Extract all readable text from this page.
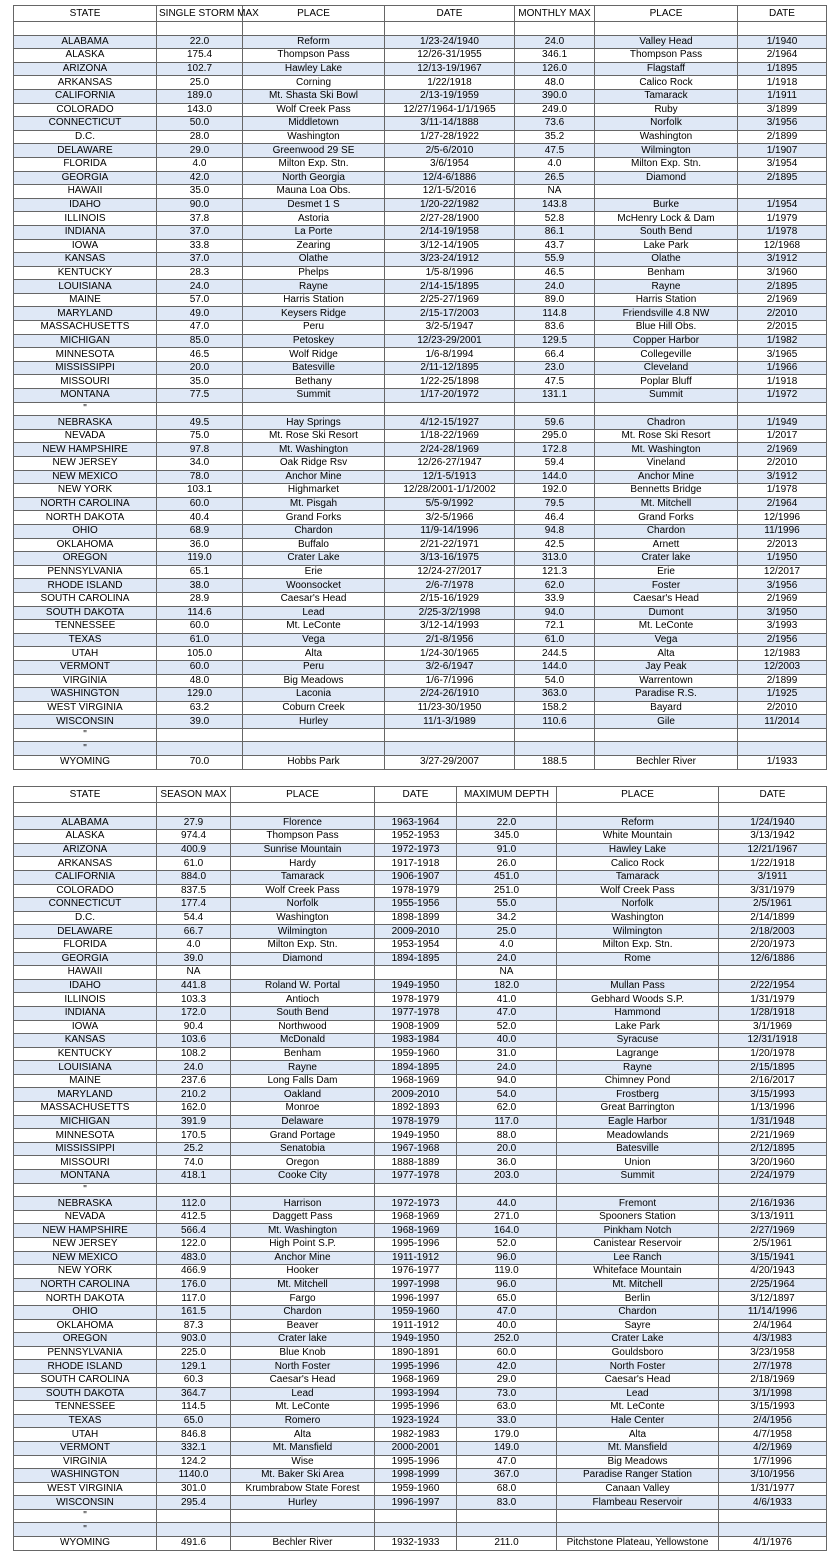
STATE	SINGLE STORM MAX	PLACE	DATE	MONTHLY MAX	PLACE	DATE

ALABAMA	22.0	Reform	1/23-24/1940	24.0	Valley Head	1/1940
ALASKA	175.4	Thompson Pass	12/26-31/1955	346.1	Thompson Pass	2/1964
ARIZONA	102.7	Hawley Lake	12/13-19/1967	126.0	Flagstaff	1/1895
ARKANSAS	25.0	Corning	1/22/1918	48.0	Calico Rock	1/1918
CALIFORNIA	189.0	Mt. Shasta Ski Bowl	2/13-19/1959	390.0	Tamarack	1/1911
COLORADO	143.0	Wolf Creek Pass	12/27/1964-1/1/1965	249.0	Ruby	3/1899
CONNECTICUT	50.0	Middletown	3/11-14/1888	73.6	Norfolk	3/1956
D.C.	28.0	Washington	1/27-28/1922	35.2	Washington	2/1899
DELAWARE	29.0	Greenwood 29 SE	2/5-6/2010	47.5	Wilmington	1/1907
FLORIDA	4.0	Milton Exp. Stn.	3/6/1954	4.0	Milton Exp. Stn.	3/1954
GEORGIA	42.0	North Georgia	12/4-6/1886	26.5	Diamond	2/1895
HAWAII	35.0	Mauna Loa Obs.	12/1-5/2016	NA		
IDAHO	90.0	Desmet 1 S	1/20-22/1982	143.8	Burke	1/1954
ILLINOIS	37.8	Astoria	2/27-28/1900	52.8	McHenry Lock & Dam	1/1979
INDIANA	37.0	La Porte	2/14-19/1958	86.1	South Bend	1/1978
IOWA	33.8	Zearing	3/12-14/1905	43.7	Lake Park	12/1968
KANSAS	37.0	Olathe	3/23-24/1912	55.9	Olathe	3/1912
KENTUCKY	28.3	Phelps	1/5-8/1996	46.5	Benham	3/1960
LOUISIANA	24.0	Rayne	2/14-15/1895	24.0	Rayne	2/1895
MAINE	57.0	Harris Station	2/25-27/1969	89.0	Harris Station	2/1969
MARYLAND	49.0	Keysers Ridge	2/15-17/2003	114.8	Friendsville 4.8 NW	2/2010
MASSACHUSETTS	47.0	Peru	3/2-5/1947	83.6	Blue Hill Obs.	2/2015
MICHIGAN	85.0	Petoskey	12/23-29/2001	129.5	Copper Harbor	1/1982
MINNESOTA	46.5	Wolf Ridge	1/6-8/1994	66.4	Collegeville	3/1965
MISSISSIPPI	20.0	Batesville	2/11-12/1895	23.0	Cleveland	1/1966
MISSOURI	35.0	Bethany	1/22-25/1898	47.5	Poplar Bluff	1/1918
MONTANA	77.5	Summit	1/17-20/1972	131.1	Summit	1/1972
"						
NEBRASKA	49.5	Hay Springs	4/12-15/1927	59.6	Chadron	1/1949
NEVADA	75.0	Mt. Rose Ski Resort	1/18-22/1969	295.0	Mt. Rose Ski Resort	1/2017
NEW HAMPSHIRE	97.8	Mt. Washington	2/24-28/1969	172.8	Mt. Washington	2/1969
NEW JERSEY	34.0	Oak Ridge Rsv	12/26-27/1947	59.4	Vineland	2/2010
NEW MEXICO	78.0	Anchor Mine	12/1-5/1913	144.0	Anchor Mine	3/1912
NEW YORK	103.1	Highmarket	12/28/2001-1/1/2002	192.0	Bennetts Bridge	1/1978
NORTH CAROLINA	60.0	Mt. Pisgah	5/5-9/1992	79.5	Mt. Mitchell	2/1964
NORTH DAKOTA	40.4	Grand Forks	3/2-5/1966	46.4	Grand Forks	12/1996
OHIO	68.9	Chardon	11/9-14/1996	94.8	Chardon	11/1996
OKLAHOMA	36.0	Buffalo	2/21-22/1971	42.5	Arnett	2/2013
OREGON	119.0	Crater Lake	3/13-16/1975	313.0	Crater lake	1/1950
PENNSYLVANIA	65.1	Erie	12/24-27/2017	121.3	Erie	12/2017
RHODE ISLAND	38.0	Woonsocket	2/6-7/1978	62.0	Foster	3/1956
SOUTH CAROLINA	28.9	Caesar's Head	2/15-16/1929	33.9	Caesar's Head	2/1969
SOUTH DAKOTA	114.6	Lead	2/25-3/2/1998	94.0	Dumont	3/1950
TENNESSEE	60.0	Mt. LeConte	3/12-14/1993	72.1	Mt. LeConte	3/1993
TEXAS	61.0	Vega	2/1-8/1956	61.0	Vega	2/1956
UTAH	105.0	Alta	1/24-30/1965	244.5	Alta	12/1983
VERMONT	60.0	Peru	3/2-6/1947	144.0	Jay Peak	12/2003
VIRGINIA	48.0	Big Meadows	1/6-7/1996	54.0	Warrentown	2/1899
WASHINGTON	129.0	Laconia	2/24-26/1910	363.0	Paradise R.S.	1/1925
WEST VIRGINIA	63.2	Coburn Creek	11/23-30/1950	158.2	Bayard	2/2010
WISCONSIN	39.0	Hurley	11/1-3/1989	110.6	Gile	11/2014
"						
"						
WYOMING	70.0	Hobbs Park	3/27-29/2007	188.5	Bechler River	1/1933
STATE	SEASON MAX	PLACE	DATE	MAXIMUM DEPTH	PLACE	DATE

ALABAMA	27.9	Florence	1963-1964	22.0	Reform	1/24/1940
ALASKA	974.4	Thompson Pass	1952-1953	345.0	White Mountain	3/13/1942
ARIZONA	400.9	Sunrise Mountain	1972-1973	91.0	Hawley Lake	12/21/1967
ARKANSAS	61.0	Hardy	1917-1918	26.0	Calico Rock	1/22/1918
CALIFORNIA	884.0	Tamarack	1906-1907	451.0	Tamarack	3/1911
COLORADO	837.5	Wolf Creek Pass	1978-1979	251.0	Wolf Creek Pass	3/31/1979
CONNECTICUT	177.4	Norfolk	1955-1956	55.0	Norfolk	2/5/1961
D.C.	54.4	Washington	1898-1899	34.2	Washington	2/14/1899
DELAWARE	66.7	Wilmington	2009-2010	25.0	Wilmington	2/18/2003
FLORIDA	4.0	Milton Exp. Stn.	1953-1954	4.0	Milton Exp. Stn.	2/20/1973
GEORGIA	39.0	Diamond	1894-1895	24.0	Rome	12/6/1886
HAWAII	NA			NA		
IDAHO	441.8	Roland W. Portal	1949-1950	182.0	Mullan Pass	2/22/1954
ILLINOIS	103.3	Antioch	1978-1979	41.0	Gebhard Woods S.P.	1/31/1979
INDIANA	172.0	South Bend	1977-1978	47.0	Hammond	1/28/1918
IOWA	90.4	Northwood	1908-1909	52.0	Lake Park	3/1/1969
KANSAS	103.6	McDonald	1983-1984	40.0	Syracuse	12/31/1918
KENTUCKY	108.2	Benham	1959-1960	31.0	Lagrange	1/20/1978
LOUISIANA	24.0	Rayne	1894-1895	24.0	Rayne	2/15/1895
MAINE	237.6	Long Falls Dam	1968-1969	94.0	Chimney Pond	2/16/2017
MARYLAND	210.2	Oakland	2009-2010	54.0	Frostberg	3/15/1993
MASSACHUSETTS	162.0	Monroe	1892-1893	62.0	Great Barrington	1/13/1996
MICHIGAN	391.9	Delaware	1978-1979	117.0	Eagle Harbor	1/31/1948
MINNESOTA	170.5	Grand Portage	1949-1950	88.0	Meadowlands	2/21/1969
MISSISSIPPI	25.2	Senatobia	1967-1968	20.0	Batesville	2/12/1895
MISSOURI	74.0	Oregon	1888-1889	36.0	Union	3/20/1960
MONTANA	418.1	Cooke City	1977-1978	203.0	Summit	2/24/1979
"						
NEBRASKA	112.0	Harrison	1972-1973	44.0	Fremont	2/16/1936
NEVADA	412.5	Daggett Pass	1968-1969	271.0	Spooners Station	3/13/1911
NEW HAMPSHIRE	566.4	Mt. Washington	1968-1969	164.0	Pinkham Notch	2/27/1969
NEW JERSEY	122.0	High Point S.P.	1995-1996	52.0	Canistear Reservoir	2/5/1961
NEW MEXICO	483.0	Anchor Mine	1911-1912	96.0	Lee Ranch	3/15/1941
NEW YORK	466.9	Hooker	1976-1977	119.0	Whiteface Mountain	4/20/1943
NORTH CAROLINA	176.0	Mt. Mitchell	1997-1998	96.0	Mt. Mitchell	2/25/1964
NORTH DAKOTA	117.0	Fargo	1996-1997	65.0	Berlin	3/12/1897
OHIO	161.5	Chardon	1959-1960	47.0	Chardon	11/14/1996
OKLAHOMA	87.3	Beaver	1911-1912	40.0	Sayre	2/4/1964
OREGON	903.0	Crater lake	1949-1950	252.0	Crater Lake	4/3/1983
PENNSYLVANIA	225.0	Blue Knob	1890-1891	60.0	Gouldsboro	3/23/1958
RHODE ISLAND	129.1	North Foster	1995-1996	42.0	North Foster	2/7/1978
SOUTH CAROLINA	60.3	Caesar's Head	1968-1969	29.0	Caesar's Head	2/18/1969
SOUTH DAKOTA	364.7	Lead	1993-1994	73.0	Lead	3/1/1998
TENNESSEE	114.5	Mt. LeConte	1995-1996	63.0	Mt. LeConte	3/15/1993
TEXAS	65.0	Romero	1923-1924	33.0	Hale Center	2/4/1956
UTAH	846.8	Alta	1982-1983	179.0	Alta	4/7/1958
VERMONT	332.1	Mt. Mansfield	2000-2001	149.0	Mt. Mansfield	4/2/1969
VIRGINIA	124.2	Wise	1995-1996	47.0	Big Meadows	1/7/1996
WASHINGTON	1140.0	Mt. Baker Ski Area	1998-1999	367.0	Paradise Ranger Station	3/10/1956
WEST VIRGINIA	301.0	Krumbrabow State Forest	1959-1960	68.0	Canaan Valley	1/31/1977
WISCONSIN	295.4	Hurley	1996-1997	83.0	Flambeau Reservoir	4/6/1933
"						
"						
WYOMING	491.6	Bechler River	1932-1933	211.0	Pitchstone Plateau, Yellowstone	4/1/1976
